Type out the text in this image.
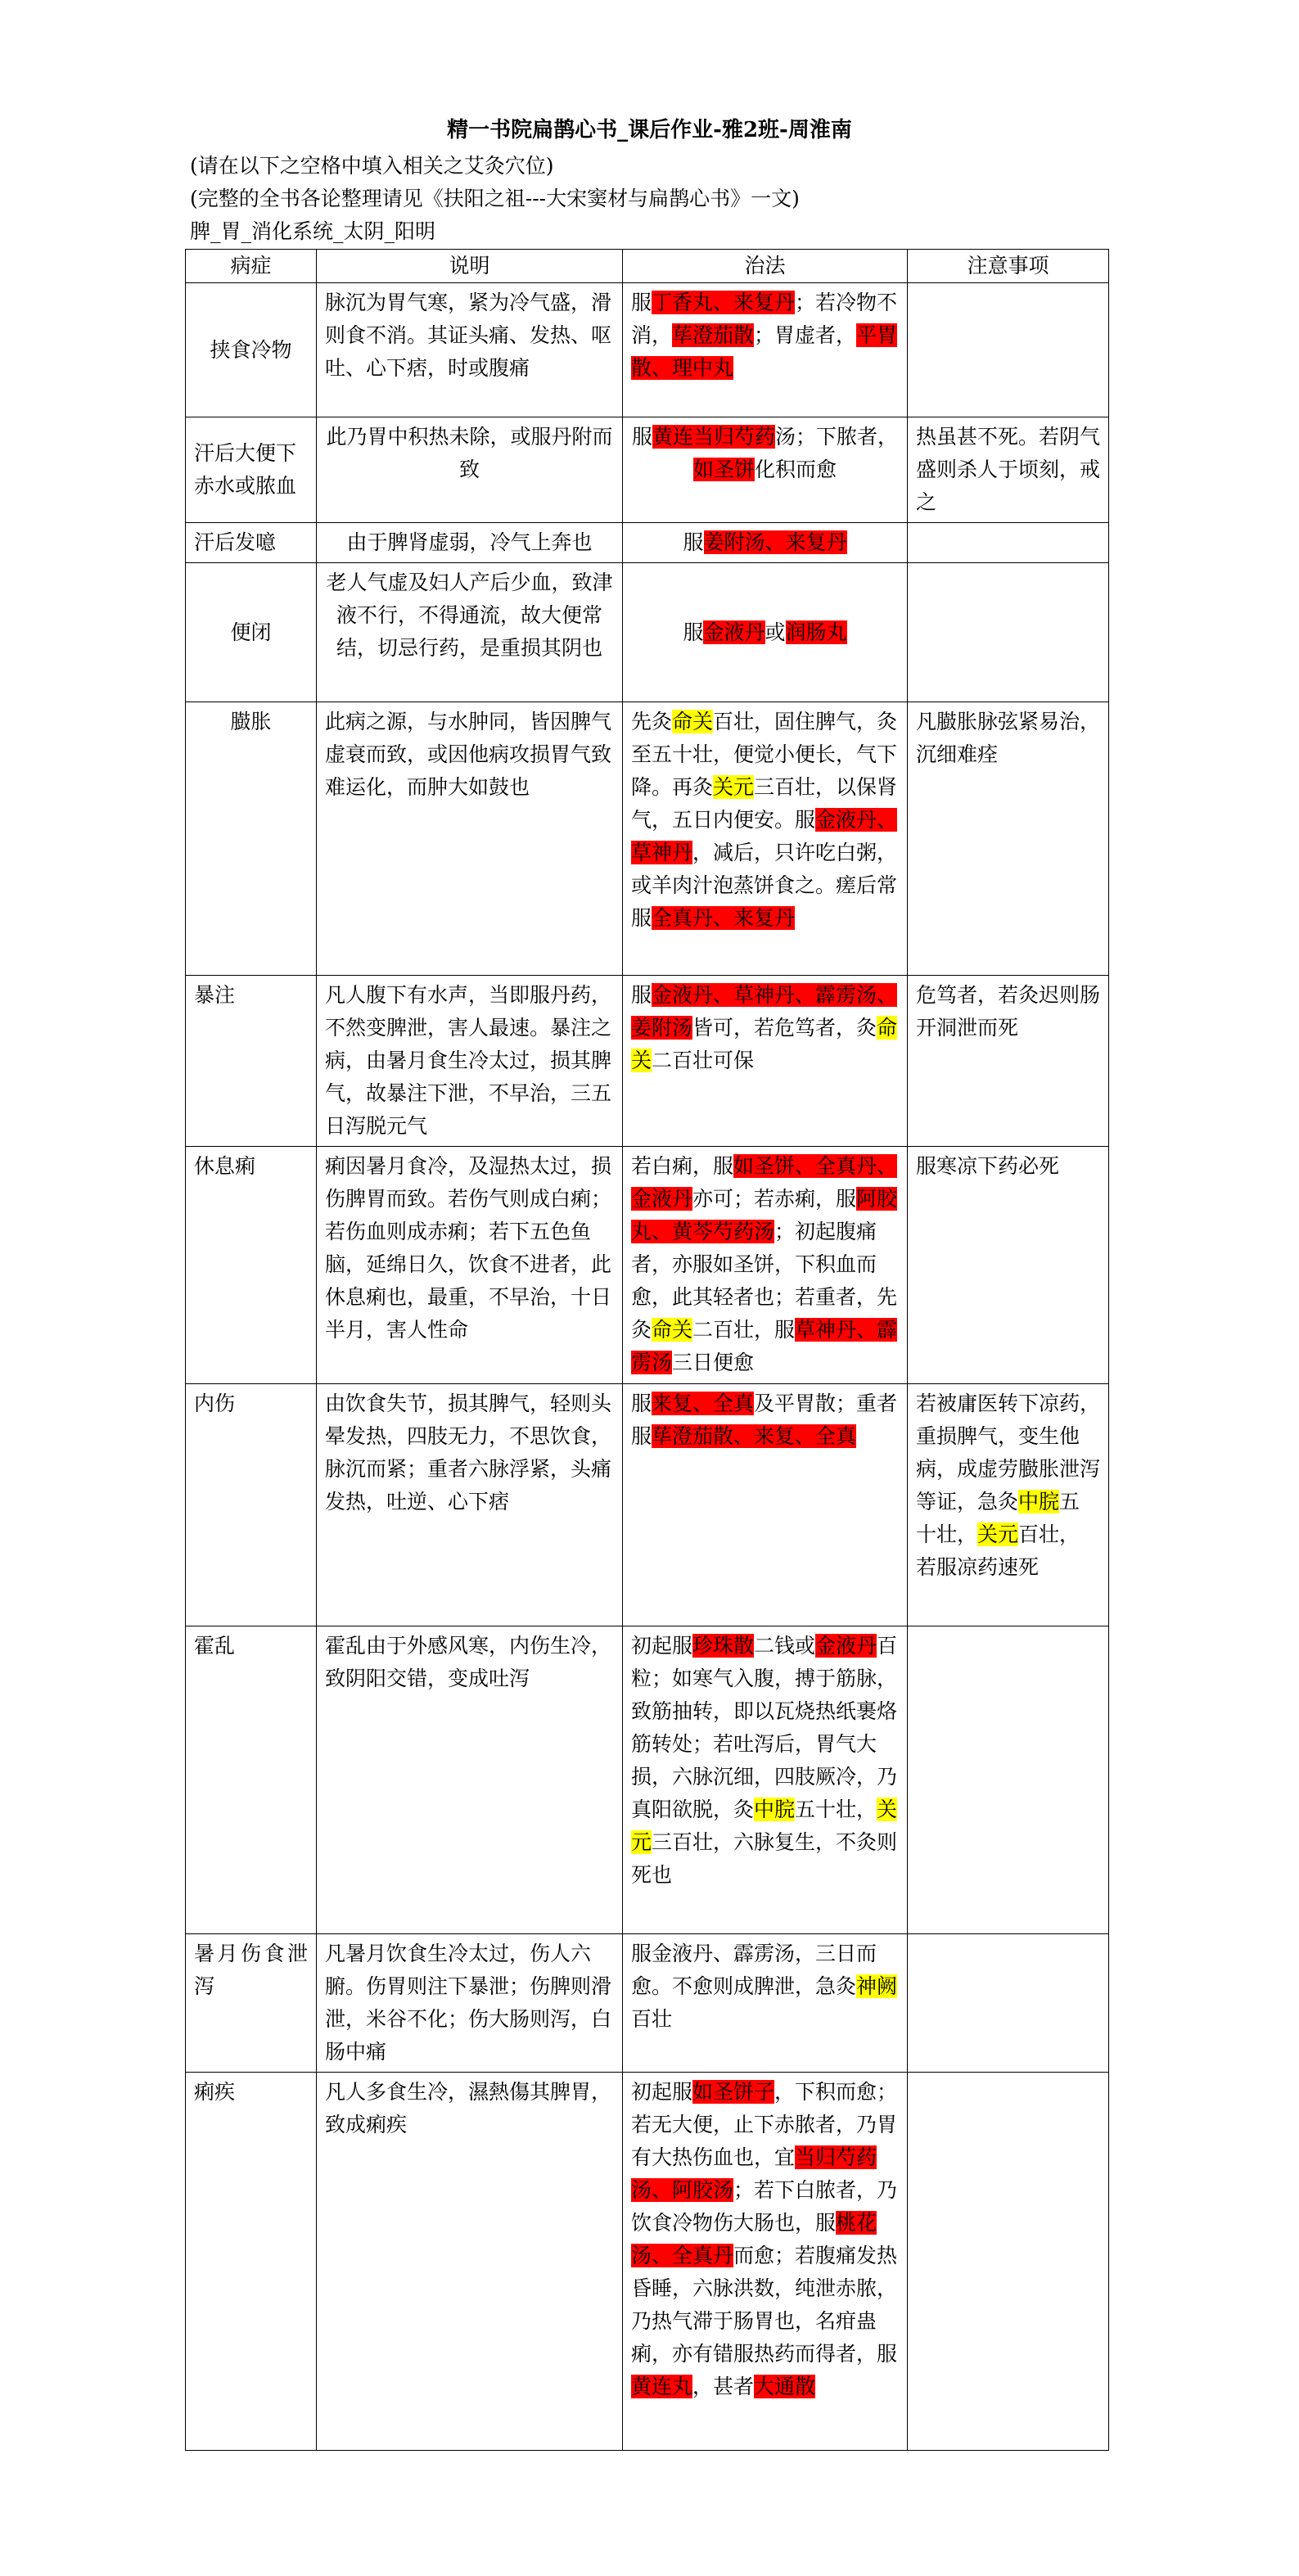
精一书院扁鹊心书_课后作业-雅2班-周淮南
(请在以下之空格中填入相关之艾灸穴位)
(完整的全书各论整理请见《扶阳之祖---大宋窦材与扁鹊心书》一文)
脾_胃_消化系统_太阴_阳明
病症	说明	治法	注意事项
挟食冷物	脉沉为胃气寒，紧为冷气盛，滑则食不消。其证头痛、发热、呕吐、心下痞，时或腹痛	服丁香丸、来复丹；若冷物不消，荜澄茄散；胃虚者，平胃散、理中丸	
汗后大便下赤水或脓血	此乃胃中积热未除，或服丹附而致	服黄连当归芍药汤；下脓者，如圣饼化积而愈	热虽甚不死。若阴气盛则杀人于顷刻，戒之
汗后发噫	由于脾肾虚弱，冷气上奔也	服姜附汤、来复丹	
便闭	老人气虚及妇人产后少血，致津液不行，不得通流，故大便常结，切忌行药，是重损其阴也	服金液丹或润肠丸	
臌胀	此病之源，与水肿同，皆因脾气虚衰而致，或因他病攻损胃气致难运化，而肿大如鼓也	先灸命关百壮，固住脾气，灸至五十壮，便觉小便长，气下降。再灸关元三百壮，以保肾气，五日内便安。服金液丹、草神丹，减后，只许吃白粥，或羊肉汁泡蒸饼食之。瘥后常服全真丹、来复丹	凡臌胀脉弦紧易治，沉细难痊
暴注	凡人腹下有水声，当即服丹药，不然变脾泄，害人最速。暴注之病，由暑月食生冷太过，损其脾气，故暴注下泄，不早治，三五日泻脱元气	服金液丹、草神丹、霹雳汤、姜附汤皆可，若危笃者，灸命关二百壮可保	危笃者，若灸迟则肠开洞泄而死
休息痢	痢因暑月食冷，及湿热太过，损伤脾胃而致。若伤气则成白痢；若伤血则成赤痢；若下五色鱼脑，延绵日久，饮食不进者，此休息痢也，最重，不早治，十日半月，害人性命	若白痢，服如圣饼、全真丹、金液丹亦可；若赤痢，服阿胶丸、黄芩芍药汤；初起腹痛者，亦服如圣饼，下积血而愈，此其轻者也；若重者，先灸命关二百壮，服草神丹、霹雳汤三日便愈	服寒凉下药必死
内伤	由饮食失节，损其脾气，轻则头晕发热，四肢无力，不思饮食，脉沉而紧；重者六脉浮紧，头痛发热，吐逆、心下痞	服来复、全真及平胃散；重者服荜澄茄散、来复、全真	若被庸医转下凉药，重损脾气，变生他病，成虚劳臌胀泄泻等证，急灸中脘五十壮，关元百壮，若服凉药速死
霍乱	霍乱由于外感风寒，内伤生冷，致阴阳交错，变成吐泻	初起服珍珠散二钱或金液丹百粒；如寒气入腹，搏于筋脉，致筋抽转，即以瓦烧热纸裹烙筋转处；若吐泻后，胃气大损，六脉沉细，四肢厥冷，乃真阳欲脱，灸中脘五十壮，关元三百壮，六脉复生，不灸则死也	
暑月伤食泄泻	凡暑月饮食生冷太过，伤人六腑。伤胃则注下暴泄；伤脾则滑泄，米谷不化；伤大肠则泻，白肠中痛	服金液丹、霹雳汤，三日而愈。不愈则成脾泄，急灸神阙百壮	
痢疾	凡人多食生冷，濕熱傷其脾胃，致成痢疾	初起服如圣饼子，下积而愈；若无大便，止下赤脓者，乃胃有大热伤血也，宜当归芍药汤、阿胶汤；若下白脓者，乃饮食冷物伤大肠也，服桃花汤、全真丹而愈；若腹痛发热昏睡，六脉洪数，纯泄赤脓，乃热气滞于肠胃也，名疳蛊痢，亦有错服热药而得者，服黄连丸，甚者大通散	
